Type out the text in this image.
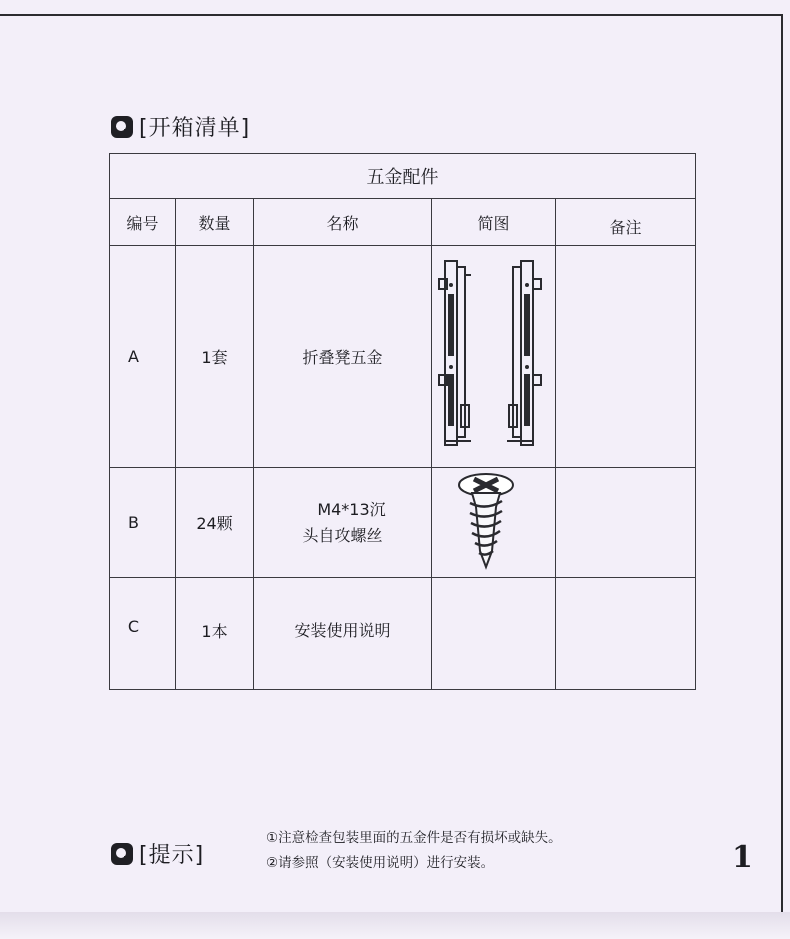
[开箱清单]
五金配件				
编号	数量	名称	简图	备注
A	1套	折叠凳五金		
B	24颗	M4*13沉
头自攻螺丝

C	1本	安装使用说明		
[提示]
①注意检查包装里面的五金件是否有损坏或缺失。
②请参照（安装使用说明）进行安装。	1
